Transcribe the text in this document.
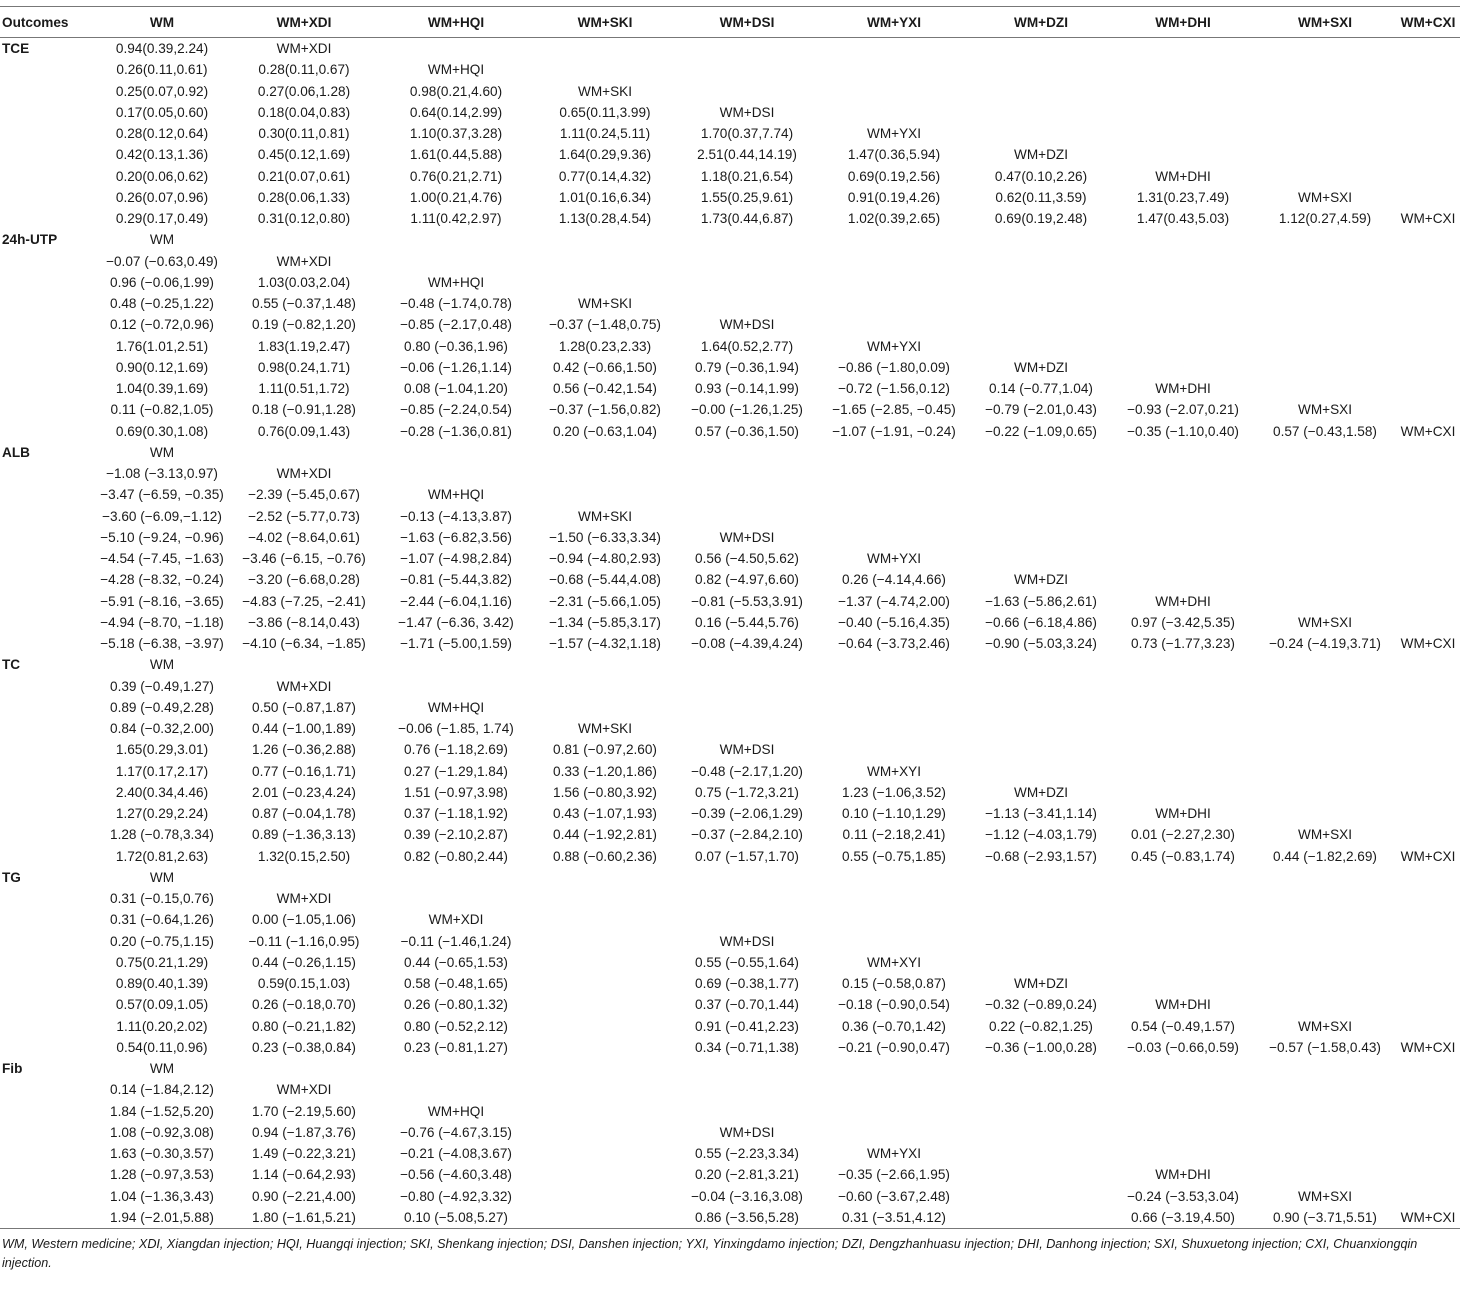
Outcomes	WM	WM+XDI	WM+HQI	WM+SKI	WM+DSI	WM+YXI	WM+DZI	WM+DHI	WM+SXI	WM+CXI
TCE	0.94(0.39,2.24)	WM+XDI								
	0.26(0.11,0.61)	0.28(0.11,0.67)	WM+HQI							
	0.25(0.07,0.92)	0.27(0.06,1.28)	0.98(0.21,4.60)	WM+SKI						
	0.17(0.05,0.60)	0.18(0.04,0.83)	0.64(0.14,2.99)	0.65(0.11,3.99)	WM+DSI					
	0.28(0.12,0.64)	0.30(0.11,0.81)	1.10(0.37,3.28)	1.11(0.24,5.11)	1.70(0.37,7.74)	WM+YXI				
	0.42(0.13,1.36)	0.45(0.12,1.69)	1.61(0.44,5.88)	1.64(0.29,9.36)	2.51(0.44,14.19)	1.47(0.36,5.94)	WM+DZI			
	0.20(0.06,0.62)	0.21(0.07,0.61)	0.76(0.21,2.71)	0.77(0.14,4.32)	1.18(0.21,6.54)	0.69(0.19,2.56)	0.47(0.10,2.26)	WM+DHI		
	0.26(0.07,0.96)	0.28(0.06,1.33)	1.00(0.21,4.76)	1.01(0.16,6.34)	1.55(0.25,9.61)	0.91(0.19,4.26)	0.62(0.11,3.59)	1.31(0.23,7.49)	WM+SXI	
	0.29(0.17,0.49)	0.31(0.12,0.80)	1.11(0.42,2.97)	1.13(0.28,4.54)	1.73(0.44,6.87)	1.02(0.39,2.65)	0.69(0.19,2.48)	1.47(0.43,5.03)	1.12(0.27,4.59)	WM+CXI
24h-UTP	WM									
	−0.07 (−0.63,0.49)	WM+XDI								
	0.96 (−0.06,1.99)	1.03(0.03,2.04)	WM+HQI							
	0.48 (−0.25,1.22)	0.55 (−0.37,1.48)	−0.48 (−1.74,0.78)	WM+SKI						
	0.12 (−0.72,0.96)	0.19 (−0.82,1.20)	−0.85 (−2.17,0.48)	−0.37 (−1.48,0.75)	WM+DSI					
	1.76(1.01,2.51)	1.83(1.19,2.47)	0.80 (−0.36,1.96)	1.28(0.23,2.33)	1.64(0.52,2.77)	WM+YXI				
	0.90(0.12,1.69)	0.98(0.24,1.71)	−0.06 (−1.26,1.14)	0.42 (−0.66,1.50)	0.79 (−0.36,1.94)	−0.86 (−1.80,0.09)	WM+DZI			
	1.04(0.39,1.69)	1.11(0.51,1.72)	0.08 (−1.04,1.20)	0.56 (−0.42,1.54)	0.93 (−0.14,1.99)	−0.72 (−1.56,0.12)	0.14 (−0.77,1.04)	WM+DHI		
	0.11 (−0.82,1.05)	0.18 (−0.91,1.28)	−0.85 (−2.24,0.54)	−0.37 (−1.56,0.82)	−0.00 (−1.26,1.25)	−1.65 (−2.85, −0.45)	−0.79 (−2.01,0.43)	−0.93 (−2.07,0.21)	WM+SXI	
	0.69(0.30,1.08)	0.76(0.09,1.43)	−0.28 (−1.36,0.81)	0.20 (−0.63,1.04)	0.57 (−0.36,1.50)	−1.07 (−1.91, −0.24)	−0.22 (−1.09,0.65)	−0.35 (−1.10,0.40)	0.57 (−0.43,1.58)	WM+CXI
ALB	WM									
	−1.08 (−3.13,0.97)	WM+XDI								
	−3.47 (−6.59, −0.35)	−2.39 (−5.45,0.67)	WM+HQI							
	−3.60 (−6.09,−1.12)	−2.52 (−5.77,0.73)	−0.13 (−4.13,3.87)	WM+SKI						
	−5.10 (−9.24, −0.96)	−4.02 (−8.64,0.61)	−1.63 (−6.82,3.56)	−1.50 (−6.33,3.34)	WM+DSI					
	−4.54 (−7.45, −1.63)	−3.46 (−6.15, −0.76)	−1.07 (−4.98,2.84)	−0.94 (−4.80,2.93)	0.56 (−4.50,5.62)	WM+YXI				
	−4.28 (−8.32, −0.24)	−3.20 (−6.68,0.28)	−0.81 (−5.44,3.82)	−0.68 (−5.44,4.08)	0.82 (−4.97,6.60)	0.26 (−4.14,4.66)	WM+DZI			
	−5.91 (−8.16, −3.65)	−4.83 (−7.25, −2.41)	−2.44 (−6.04,1.16)	−2.31 (−5.66,1.05)	−0.81 (−5.53,3.91)	−1.37 (−4.74,2.00)	−1.63 (−5.86,2.61)	WM+DHI		
	−4.94 (−8.70, −1.18)	−3.86 (−8.14,0.43)	−1.47 (−6.36, 3.42)	−1.34 (−5.85,3.17)	0.16 (−5.44,5.76)	−0.40 (−5.16,4.35)	−0.66 (−6.18,4.86)	0.97 (−3.42,5.35)	WM+SXI	
	−5.18 (−6.38, −3.97)	−4.10 (−6.34, −1.85)	−1.71 (−5.00,1.59)	−1.57 (−4.32,1.18)	−0.08 (−4.39,4.24)	−0.64 (−3.73,2.46)	−0.90 (−5.03,3.24)	0.73 (−1.77,3.23)	−0.24 (−4.19,3.71)	WM+CXI
TC	WM									
	0.39 (−0.49,1.27)	WM+XDI								
	0.89 (−0.49,2.28)	0.50 (−0.87,1.87)	WM+HQI							
	0.84 (−0.32,2.00)	0.44 (−1.00,1.89)	−0.06 (−1.85, 1.74)	WM+SKI						
	1.65(0.29,3.01)	1.26 (−0.36,2.88)	0.76 (−1.18,2.69)	0.81 (−0.97,2.60)	WM+DSI					
	1.17(0.17,2.17)	0.77 (−0.16,1.71)	0.27 (−1.29,1.84)	0.33 (−1.20,1.86)	−0.48 (−2.17,1.20)	WM+XYI				
	2.40(0.34,4.46)	2.01 (−0.23,4.24)	1.51 (−0.97,3.98)	1.56 (−0.80,3.92)	0.75 (−1.72,3.21)	1.23 (−1.06,3.52)	WM+DZI			
	1.27(0.29,2.24)	0.87 (−0.04,1.78)	0.37 (−1.18,1.92)	0.43 (−1.07,1.93)	−0.39 (−2.06,1.29)	0.10 (−1.10,1.29)	−1.13 (−3.41,1.14)	WM+DHI		
	1.28 (−0.78,3.34)	0.89 (−1.36,3.13)	0.39 (−2.10,2.87)	0.44 (−1.92,2.81)	−0.37 (−2.84,2.10)	0.11 (−2.18,2.41)	−1.12 (−4.03,1.79)	0.01 (−2.27,2.30)	WM+SXI	
	1.72(0.81,2.63)	1.32(0.15,2.50)	0.82 (−0.80,2.44)	0.88 (−0.60,2.36)	0.07 (−1.57,1.70)	0.55 (−0.75,1.85)	−0.68 (−2.93,1.57)	0.45 (−0.83,1.74)	0.44 (−1.82,2.69)	WM+CXI
TG	WM									
	0.31 (−0.15,0.76)	WM+XDI								
	0.31 (−0.64,1.26)	0.00 (−1.05,1.06)	WM+XDI							
	0.20 (−0.75,1.15)	−0.11 (−1.16,0.95)	−0.11 (−1.46,1.24)		WM+DSI					
	0.75(0.21,1.29)	0.44 (−0.26,1.15)	0.44 (−0.65,1.53)		0.55 (−0.55,1.64)	WM+XYI				
	0.89(0.40,1.39)	0.59(0.15,1.03)	0.58 (−0.48,1.65)		0.69 (−0.38,1.77)	0.15 (−0.58,0.87)	WM+DZI			
	0.57(0.09,1.05)	0.26 (−0.18,0.70)	0.26 (−0.80,1.32)		0.37 (−0.70,1.44)	−0.18 (−0.90,0.54)	−0.32 (−0.89,0.24)	WM+DHI		
	1.11(0.20,2.02)	0.80 (−0.21,1.82)	0.80 (−0.52,2.12)		0.91 (−0.41,2.23)	0.36 (−0.70,1.42)	0.22 (−0.82,1.25)	0.54 (−0.49,1.57)	WM+SXI	
	0.54(0.11,0.96)	0.23 (−0.38,0.84)	0.23 (−0.81,1.27)		0.34 (−0.71,1.38)	−0.21 (−0.90,0.47)	−0.36 (−1.00,0.28)	−0.03 (−0.66,0.59)	−0.57 (−1.58,0.43)	WM+CXI
Fib	WM									
	0.14 (−1.84,2.12)	WM+XDI								
	1.84 (−1.52,5.20)	1.70 (−2.19,5.60)	WM+HQI							
	1.08 (−0.92,3.08)	0.94 (−1.87,3.76)	−0.76 (−4.67,3.15)		WM+DSI					
	1.63 (−0.30,3.57)	1.49 (−0.22,3.21)	−0.21 (−4.08,3.67)		0.55 (−2.23,3.34)	WM+YXI				
	1.28 (−0.97,3.53)	1.14 (−0.64,2.93)	−0.56 (−4.60,3.48)		0.20 (−2.81,3.21)	−0.35 (−2.66,1.95)		WM+DHI		
	1.04 (−1.36,3.43)	0.90 (−2.21,4.00)	−0.80 (−4.92,3.32)		−0.04 (−3.16,3.08)	−0.60 (−3.67,2.48)		−0.24 (−3.53,3.04)	WM+SXI	
	1.94 (−2.01,5.88)	1.80 (−1.61,5.21)	0.10 (−5.08,5.27)		0.86 (−3.56,5.28)	0.31 (−3.51,4.12)		0.66 (−3.19,4.50)	0.90 (−3.71,5.51)	WM+CXI
WM, Western medicine; XDI, Xiangdan injection; HQI, Huangqi injection; SKI, Shenkang injection; DSI, Danshen injection; YXI, Yinxingdamo injection; DZI, Dengzhanhuasu injection; DHI, Danhong injection; SXI, Shuxuetong injection; CXI, Chuanxiongqin injection.
